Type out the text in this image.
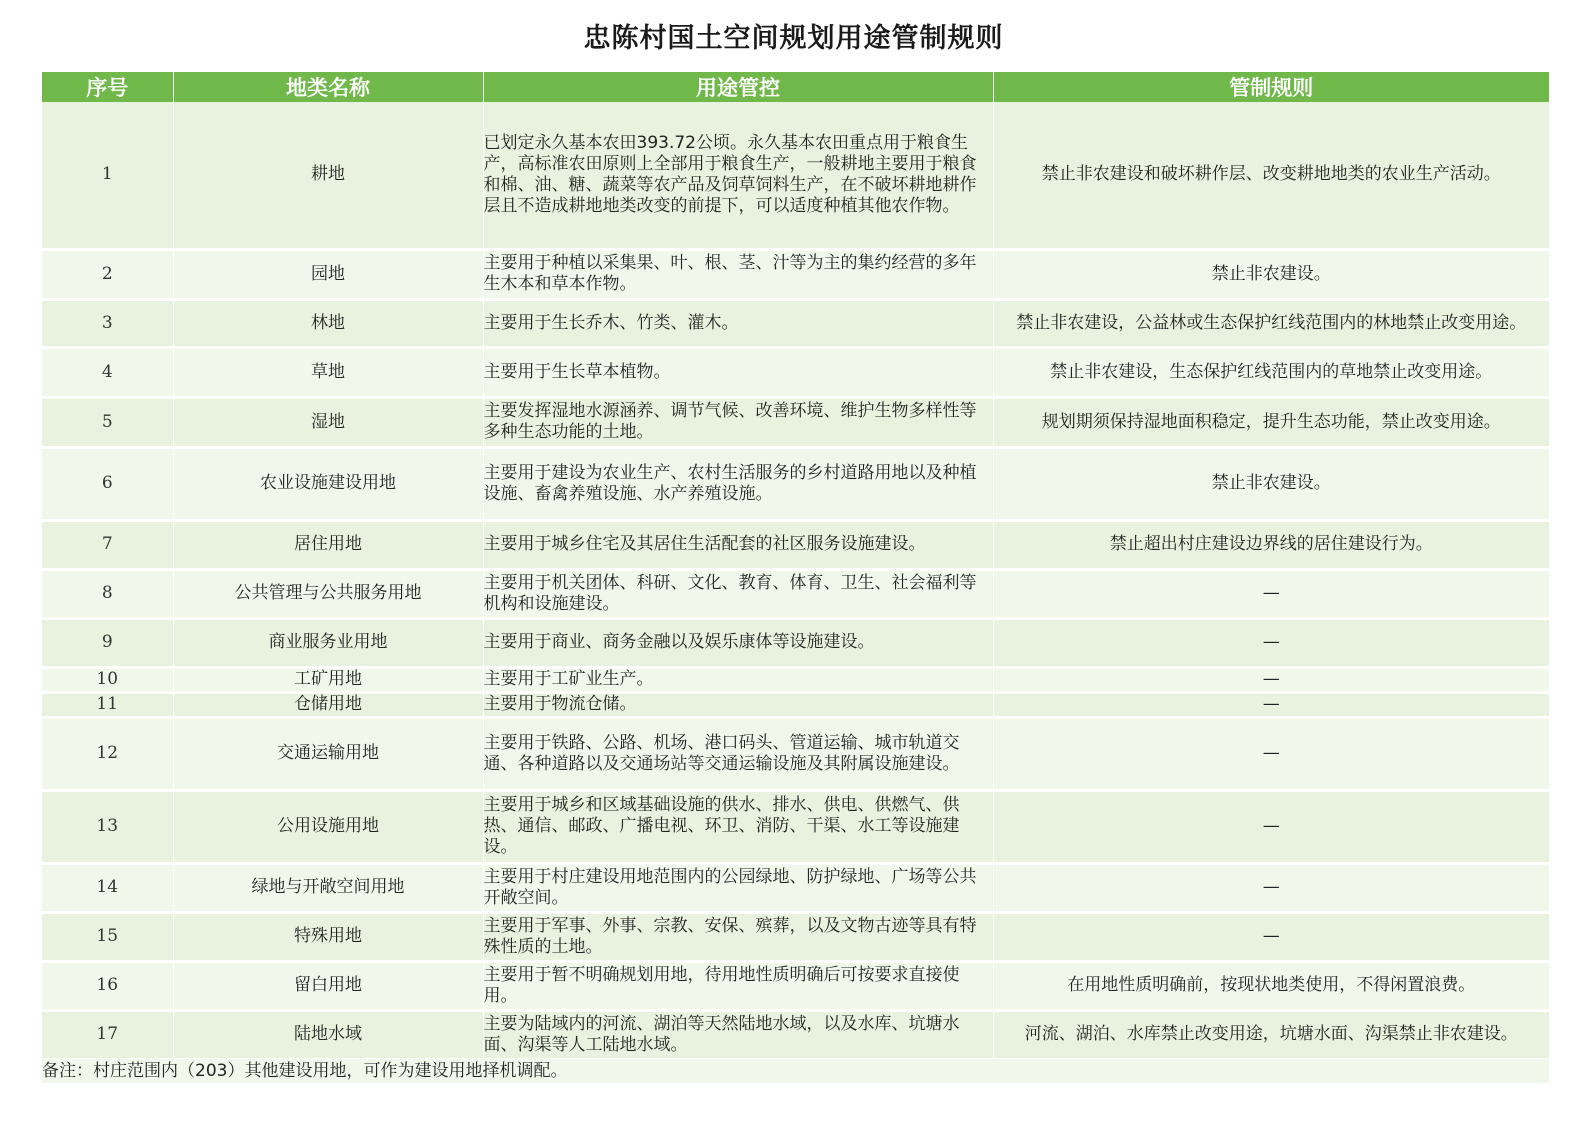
忠陈村国土空间规划用途管制规则
序号	地类名称	用途管控	管制规则
1	耕地	已划定永久基本农田393.72公顷。永久基本农田重点用于粮食生产，高标准农田原则上全部用于粮食生产，一般耕地主要用于粮食和棉、油、糖、蔬菜等农产品及饲草饲料生产，在不破坏耕地耕作层且不造成耕地地类改变的前提下，可以适度种植其他农作物。	禁止非农建设和破坏耕作层、改变耕地地类的农业生产活动。
2	园地	主要用于种植以采集果、叶、根、茎、汁等为主的集约经营的多年生木本和草本作物。	禁止非农建设。
3	林地	主要用于生长乔木、竹类、灌木。	禁止非农建设，公益林或生态保护红线范围内的林地禁止改变用途。
4	草地	主要用于生长草本植物。	禁止非农建设，生态保护红线范围内的草地禁止改变用途。
5	湿地	主要发挥湿地水源涵养、调节气候、改善环境、维护生物多样性等多种生态功能的土地。	规划期须保持湿地面积稳定，提升生态功能，禁止改变用途。
6	农业设施建设用地	主要用于建设为农业生产、农村生活服务的乡村道路用地以及种植设施、畜禽养殖设施、水产养殖设施。	禁止非农建设。
7	居住用地	主要用于城乡住宅及其居住生活配套的社区服务设施建设。	禁止超出村庄建设边界线的居住建设行为。
8	公共管理与公共服务用地	主要用于机关团体、科研、文化、教育、体育、卫生、社会福利等机构和设施建设。	—
9	商业服务业用地	主要用于商业、商务金融以及娱乐康体等设施建设。	—
10	工矿用地	主要用于工矿业生产。	—
11	仓储用地	主要用于物流仓储。	—
12	交通运输用地	主要用于铁路、公路、机场、港口码头、管道运输、城市轨道交通、各种道路以及交通场站等交通运输设施及其附属设施建设。	—
13	公用设施用地	主要用于城乡和区域基础设施的供水、排水、供电、供燃气、供热、通信、邮政、广播电视、环卫、消防、干渠、水工等设施建设。	—
14	绿地与开敞空间用地	主要用于村庄建设用地范围内的公园绿地、防护绿地、广场等公共开敞空间。	—
15	特殊用地	主要用于军事、外事、宗教、安保、殡葬，以及文物古迹等具有特殊性质的土地。	—
16	留白用地	主要用于暂不明确规划用地，待用地性质明确后可按要求直接使用。	在用地性质明确前，按现状地类使用，不得闲置浪费。
17	陆地水域	主要为陆域内的河流、湖泊等天然陆地水域，以及水库、坑塘水面、沟渠等人工陆地水域。	河流、湖泊、水库禁止改变用途，坑塘水面、沟渠禁止非农建设。
备注：村庄范围内（203）其他建设用地，可作为建设用地择机调配。
